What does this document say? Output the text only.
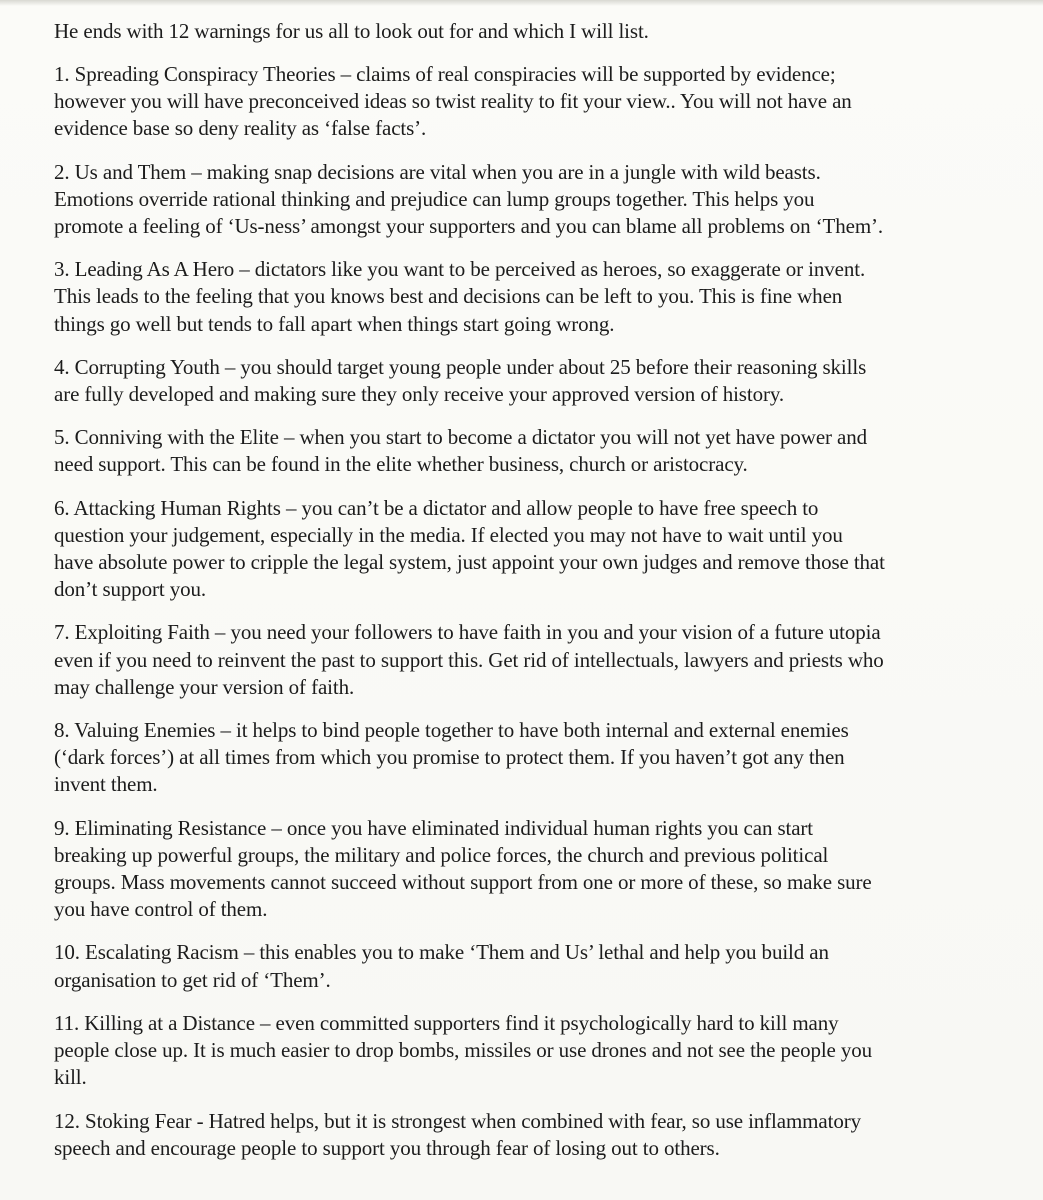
He ends with 12 warnings for us all to look out for and which I will list.

1. Spreading Conspiracy Theories – claims of real conspiracies will be supported by evidence;
however you will have preconceived ideas so twist reality to fit your view.. You will not have an
evidence base so deny reality as ‘false facts’.
2. Us and Them – making snap decisions are vital when you are in a jungle with wild beasts.
Emotions override rational thinking and prejudice can lump groups together. This helps you
promote a feeling of ‘Us-ness’ amongst your supporters and you can blame all problems on ‘Them’.
3. Leading As A Hero – dictators like you want to be perceived as heroes, so exaggerate or invent.
This leads to the feeling that you knows best and decisions can be left to you. This is fine when
things go well but tends to fall apart when things start going wrong.
4. Corrupting Youth – you should target young people under about 25 before their reasoning skills
are fully developed and making sure they only receive your approved version of history.
5. Conniving with the Elite – when you start to become a dictator you will not yet have power and
need support. This can be found in the elite whether business, church or aristocracy.
6. Attacking Human Rights – you can’t be a dictator and allow people to have free speech to
question your judgement, especially in the media. If elected you may not have to wait until you
have absolute power to cripple the legal system, just appoint your own judges and remove those that
don’t support you.
7. Exploiting Faith – you need your followers to have faith in you and your vision of a future utopia
even if you need to reinvent the past to support this. Get rid of intellectuals, lawyers and priests who
may challenge your version of faith.
8. Valuing Enemies – it helps to bind people together to have both internal and external enemies
(‘dark forces’) at all times from which you promise to protect them. If you haven’t got any then
invent them.
9. Eliminating Resistance – once you have eliminated individual human rights you can start
breaking up powerful groups, the military and police forces, the church and previous political
groups. Mass movements cannot succeed without support from one or more of these, so make sure
you have control of them.
10. Escalating Racism – this enables you to make ‘Them and Us’ lethal and help you build an
organisation to get rid of ‘Them’.
11. Killing at a Distance – even committed supporters find it psychologically hard to kill many
people close up. It is much easier to drop bombs, missiles or use drones and not see the people you
kill.
12. Stoking Fear - Hatred helps, but it is strongest when combined with fear, so use inflammatory
speech and encourage people to support you through fear of losing out to others.
